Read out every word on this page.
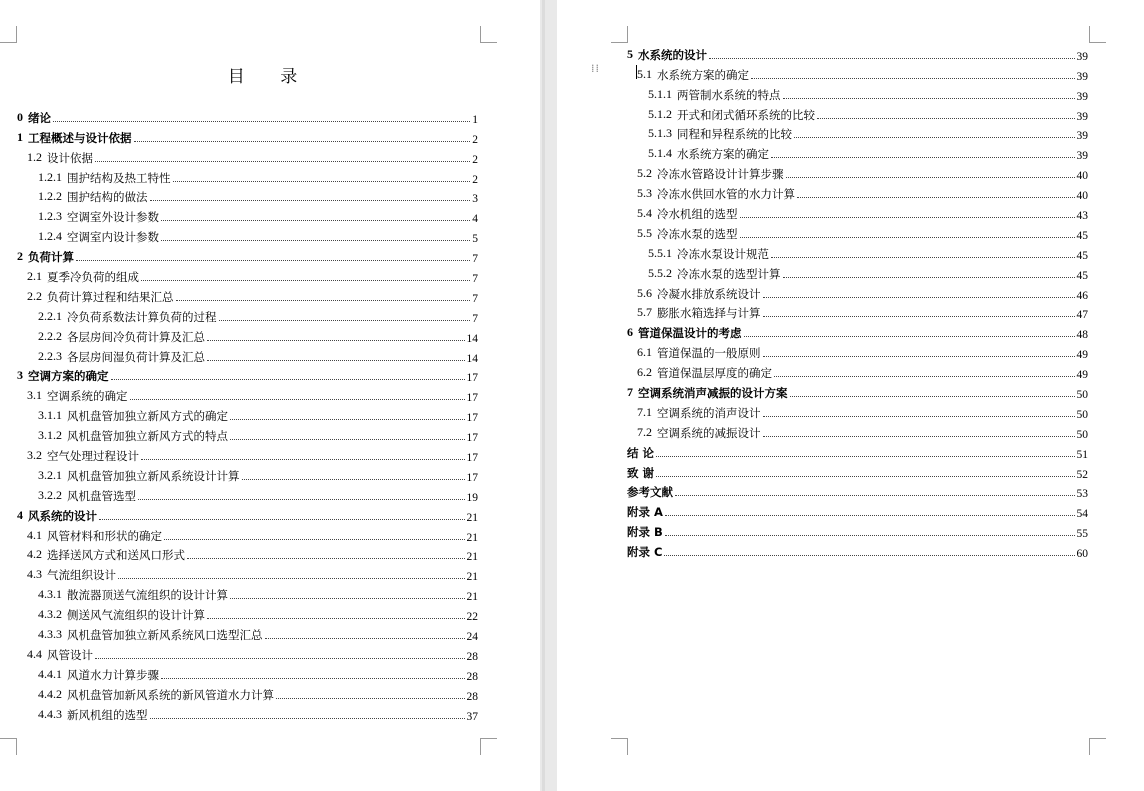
目 录	⁞⁞
0 绪论	1
1 工程概述与设计依据	2
1.2 设计依据	2
1.2.1 围护结构及热工特性	2
1.2.2 围护结构的做法	3
1.2.3 空调室外设计参数	4
1.2.4 空调室内设计参数	5
2 负荷计算	7
2.1 夏季冷负荷的组成	7
2.2 负荷计算过程和结果汇总	7
2.2.1 冷负荷系数法计算负荷的过程	7
2.2.2 各层房间冷负荷计算及汇总	14
2.2.3 各层房间湿负荷计算及汇总	14
3 空调方案的确定	17
3.1 空调系统的确定	17
3.1.1 风机盘管加独立新风方式的确定	17
3.1.2 风机盘管加独立新风方式的特点	17
3.2 空气处理过程设计	17
3.2.1 风机盘管加独立新风系统设计计算	17
3.2.2 风机盘管选型	19
4 风系统的设计	21
4.1 风管材料和形状的确定	21
4.2 选择送风方式和送风口形式	21
4.3 气流组织设计	21
4.3.1 散流器顶送气流组织的设计计算	21
4.3.2 侧送风气流组织的设计计算	22
4.3.3 风机盘管加独立新风系统风口选型汇总	24
4.4 风管设计	28
4.4.1 风道水力计算步骤	28
4.4.2 风机盘管加新风系统的新风管道水力计算	28
4.4.3 新风机组的选型	37
5 水系统的设计	39
5.1 水系统方案的确定	39
5.1.1 两管制水系统的特点	39
5.1.2 开式和闭式循环系统的比较	39
5.1.3 同程和异程系统的比较	39
5.1.4 水系统方案的确定	39
5.2 冷冻水管路设计计算步骤	40
5.3 冷冻水供回水管的水力计算	40
5.4 冷水机组的选型	43
5.5 冷冻水泵的选型	45
5.5.1 冷冻水泵设计规范	45
5.5.2 冷冻水泵的选型计算	45
5.6 冷凝水排放系统设计	46
5.7 膨胀水箱选择与计算	47
6 管道保温设计的考虑	48
6.1 管道保温的一般原则	49
6.2 管道保温层厚度的确定	49
7 空调系统消声减振的设计方案	50
7.1 空调系统的消声设计	50
7.2 空调系统的减振设计	50
结 论	51
致 谢	52
参考文献	53
附录 A	54
附录 B	55
附录 C	60
